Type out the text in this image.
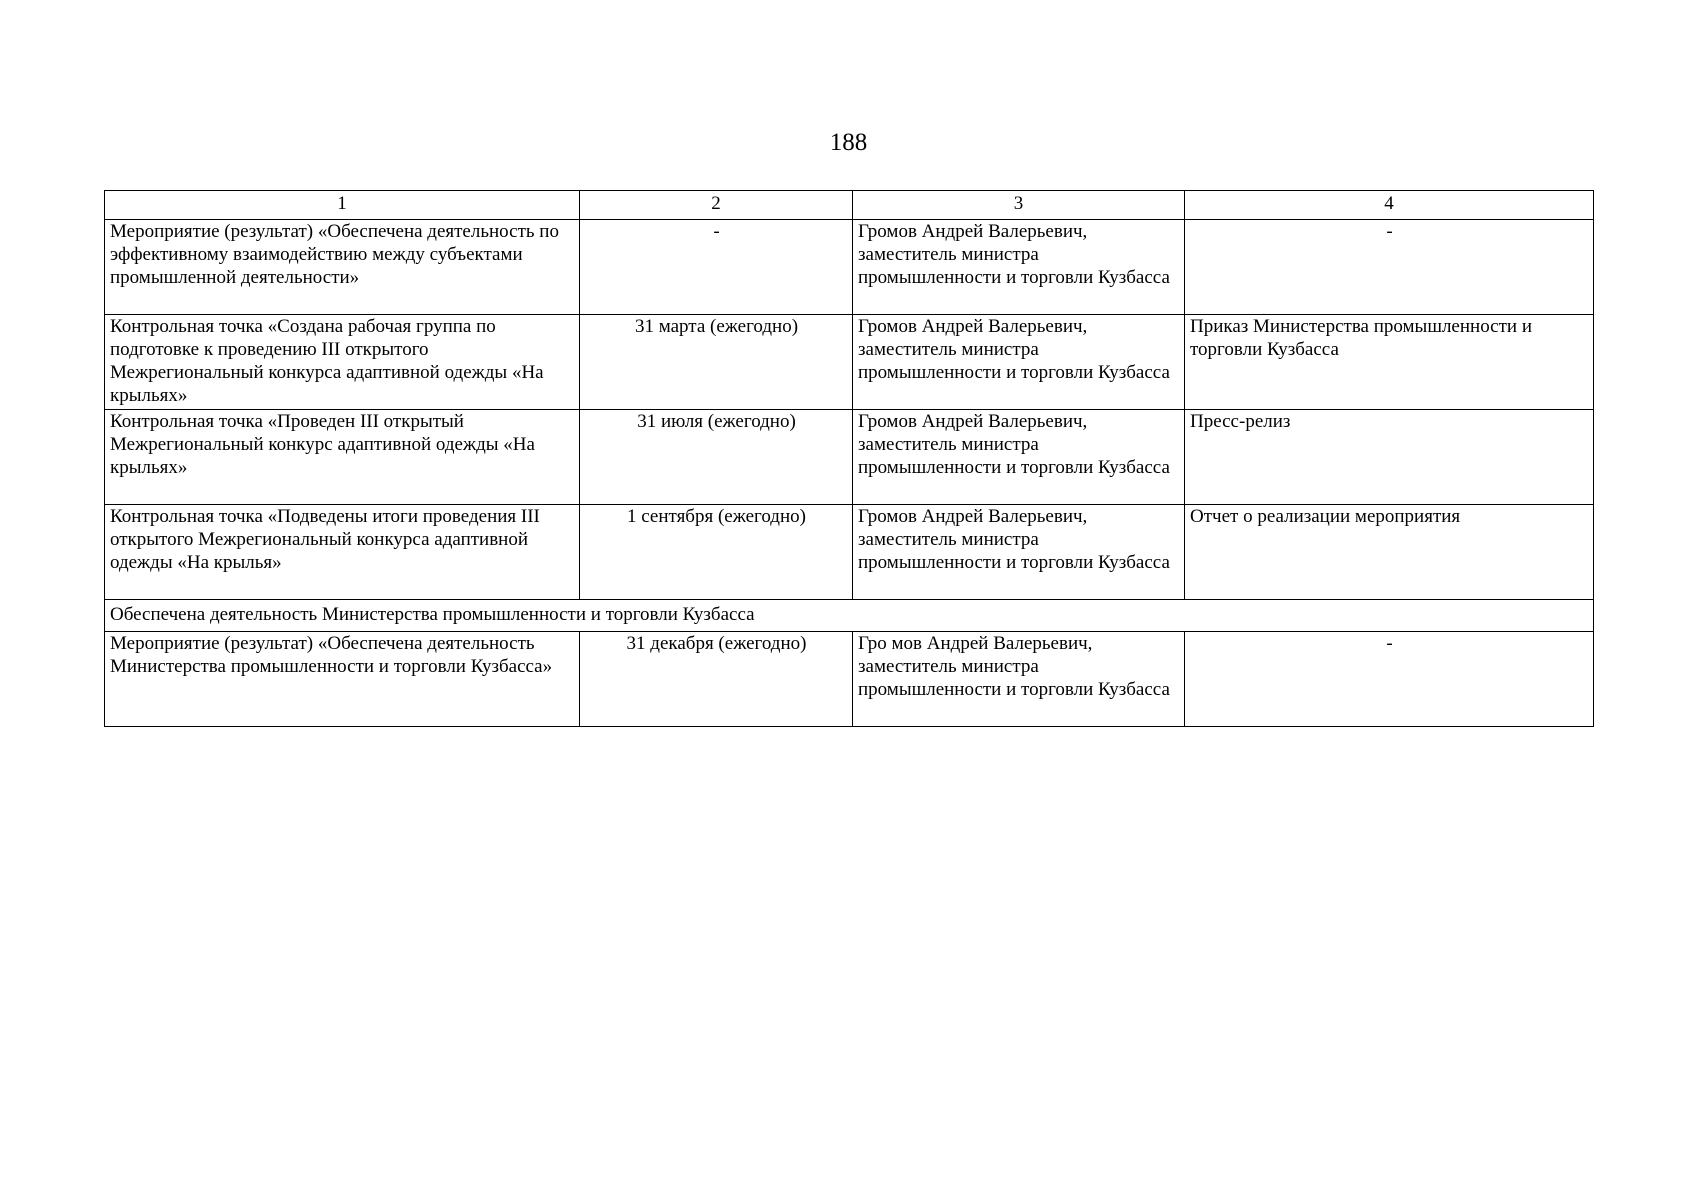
188
1	2	3	4
Мероприятие (результат) «Обеспечена деятельность по эффективному взаимодействию между субъектами промышленной деятельности»	-	Громов Андрей Валерьевич, заместитель министра промышленности и торговли Кузбасса	-
Контрольная точка «Создана рабочая группа по подготовке к проведению III открытого Межрегиональный конкурса адаптивной одежды «На крыльях»	31 марта (ежегодно)	Громов Андрей Валерьевич, заместитель министра промышленности и торговли Кузбасса	Приказ Министерства промышленности и торговли Кузбасса
Контрольная точка «Проведен III открытый Межрегиональный конкурс адаптивной одежды «На крыльях»	31 июля (ежегодно)	Громов Андрей Валерьевич, заместитель министра промышленности и торговли Кузбасса	Пресс-релиз
Контрольная точка «Подведены итоги проведения III открытого Межрегиональный конкурса адаптивной одежды «На крылья»	1 сентября (ежегодно)	Громов Андрей Валерьевич, заместитель министра промышленности и торговли Кузбасса	Отчет о реализации мероприятия
Обеспечена деятельность Министерства промышленности и торговли Кузбасса			
Мероприятие (результат) «Обеспечена деятельность Министерства промышленности и торговли Кузбасса»	31 декабря (ежегодно)	Гро мов Андрей Валерьевич, заместитель министра промышленности и торговли Кузбасса	-
